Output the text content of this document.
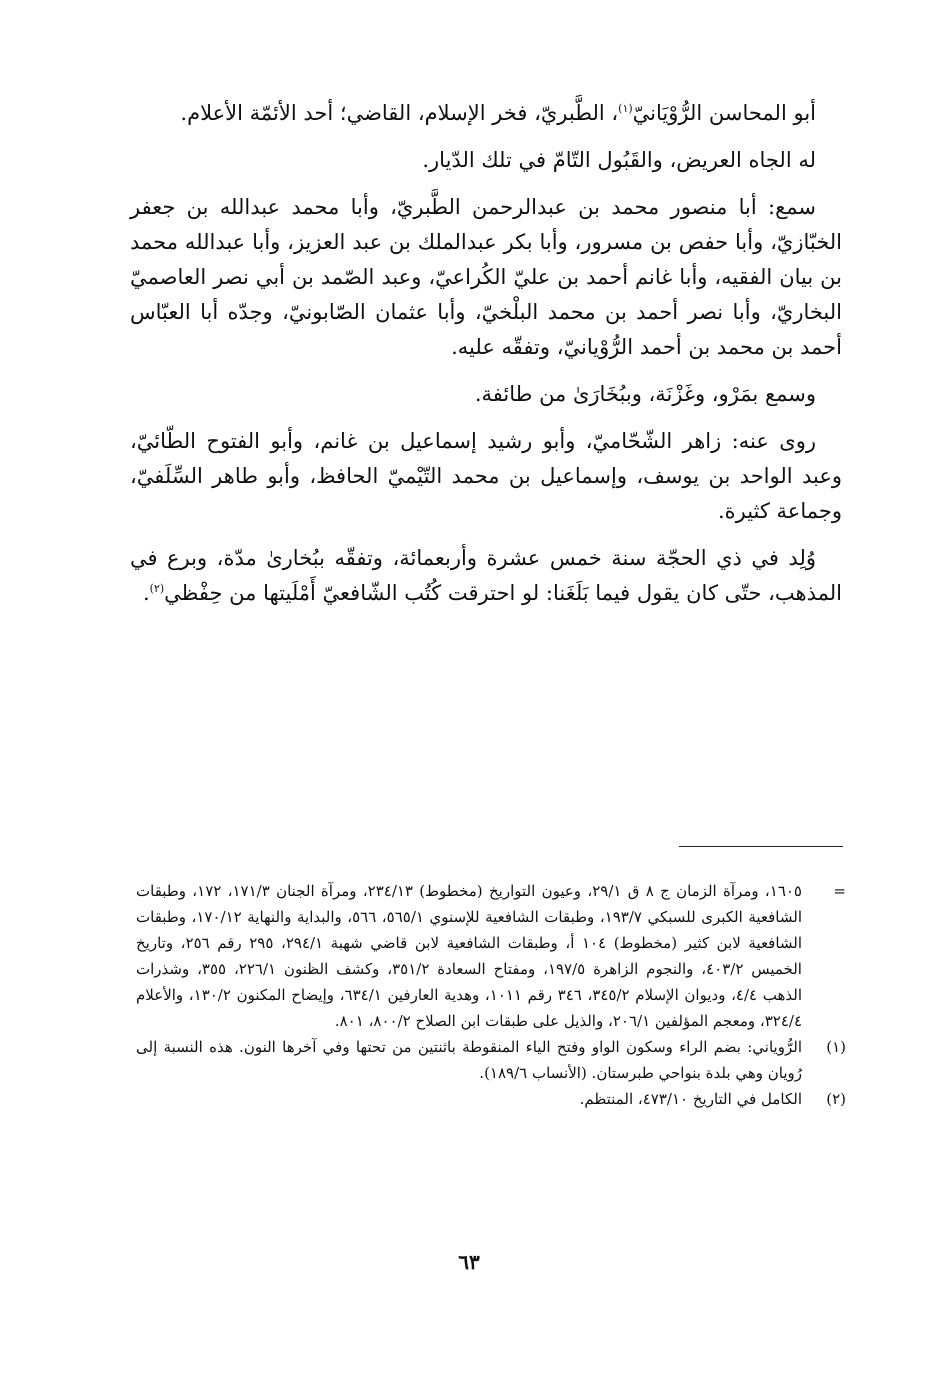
أبو المحاسن الرُّوْيَانيّ$^{(١)}$، الطَّبريّ، فخر الإسلام، القاضي؛ أحد الأئمّة الأعلام.

له الجاه العريض، والقَبُول التّامّ في تلك الدّيار.

سمع: أبا منصور محمد بن عبدالرحمن الطَّبريّ، وأبا محمد عبدالله بن جعفر الخبّازيّ، وأبا حفص بن مسرور، وأبا بكر عبدالملك بن عبد العزيز، وأبا عبدالله محمد بن بيان الفقيه، وأبا غانم أحمد بن عليّ الكُراعيّ، وعبد الصّمد بن أبي نصر العاصميّ البخاريّ، وأبا نصر أحمد بن محمد البلْخيّ، وأبا عثمان الصّابونيّ، وجدّه أبا العبّاس أحمد بن محمد بن أحمد الرُّوْيانيّ، وتفقّه عليه.

وسمع بمَرْو، وغَزْنَة، وببُخَارَىٰ من طائفة.

روى عنه: زاهر الشّحّاميّ، وأبو رشيد إسماعيل بن غانم، وأبو الفتوح الطّائيّ، وعبد الواحد بن يوسف، وإسماعيل بن محمد التّيْميّ الحافظ، وأبو طاهر السِّلَفيّ، وجماعة كثيرة.

وُلِد في ذي الحجّة سنة خمس عشرة وأربعمائة، وتفقّه ببُخارىٰ مدّة، وبرع في المذهب، حتّى كان يقول فيما بَلَغَنا: لو احترقت كُتُب الشّافعيّ أَمْلَيتها من حِفْظي$^{(٢)}$.

=
١٦٠٥، ومرآة الزمان ج ٨ ق ٢٩/١، وعيون التواريخ (مخطوط) ٢٣٤/١٣، ومرآة الجنان ١٧١/٣، ١٧٢، وطبقات الشافعية الكبرى للسبكي ١٩٣/٧، وطبقات الشافعية للإسنوي ٥٦٥/١، ٥٦٦، والبداية والنهاية ١٧٠/١٢، وطبقات الشافعية لابن كثير (مخطوط) ١٠٤ أ، وطبقات الشافعية لابن قاضي شهبة ٢٩٤/١، ٢٩٥ رقم ٢٥٦، وتاريخ الخميس ٤٠٣/٢، والنجوم الزاهرة ١٩٧/٥، ومفتاح السعادة ٣٥١/٢، وكشف الظنون ٢٢٦/١، ٣٥٥، وشذرات الذهب ٤/٤، وديوان الإسلام ٣٤٥/٢، ٣٤٦ رقم ١٠١١، وهدية العارفين ٦٣٤/١، وإيضاح المكنون ١٣٠/٢، والأعلام ٣٢٤/٤، ومعجم المؤلفين ٢٠٦/١، والذيل على طبقات ابن الصلاح ٨٠٠/٢، ٨٠١.
(١)
الرُّوياني: بضم الراء وسكون الواو وفتح الياء المنقوطة باثنتين من تحتها وفي آخرها النون. هذه النسبة إلى رُويان وهي بلدة بنواحي طبرستان. (الأنساب ١٨٩/٦).
(٢)
الكامل في التاريخ ٤٧٣/١٠، المنتظم.
٦٣
